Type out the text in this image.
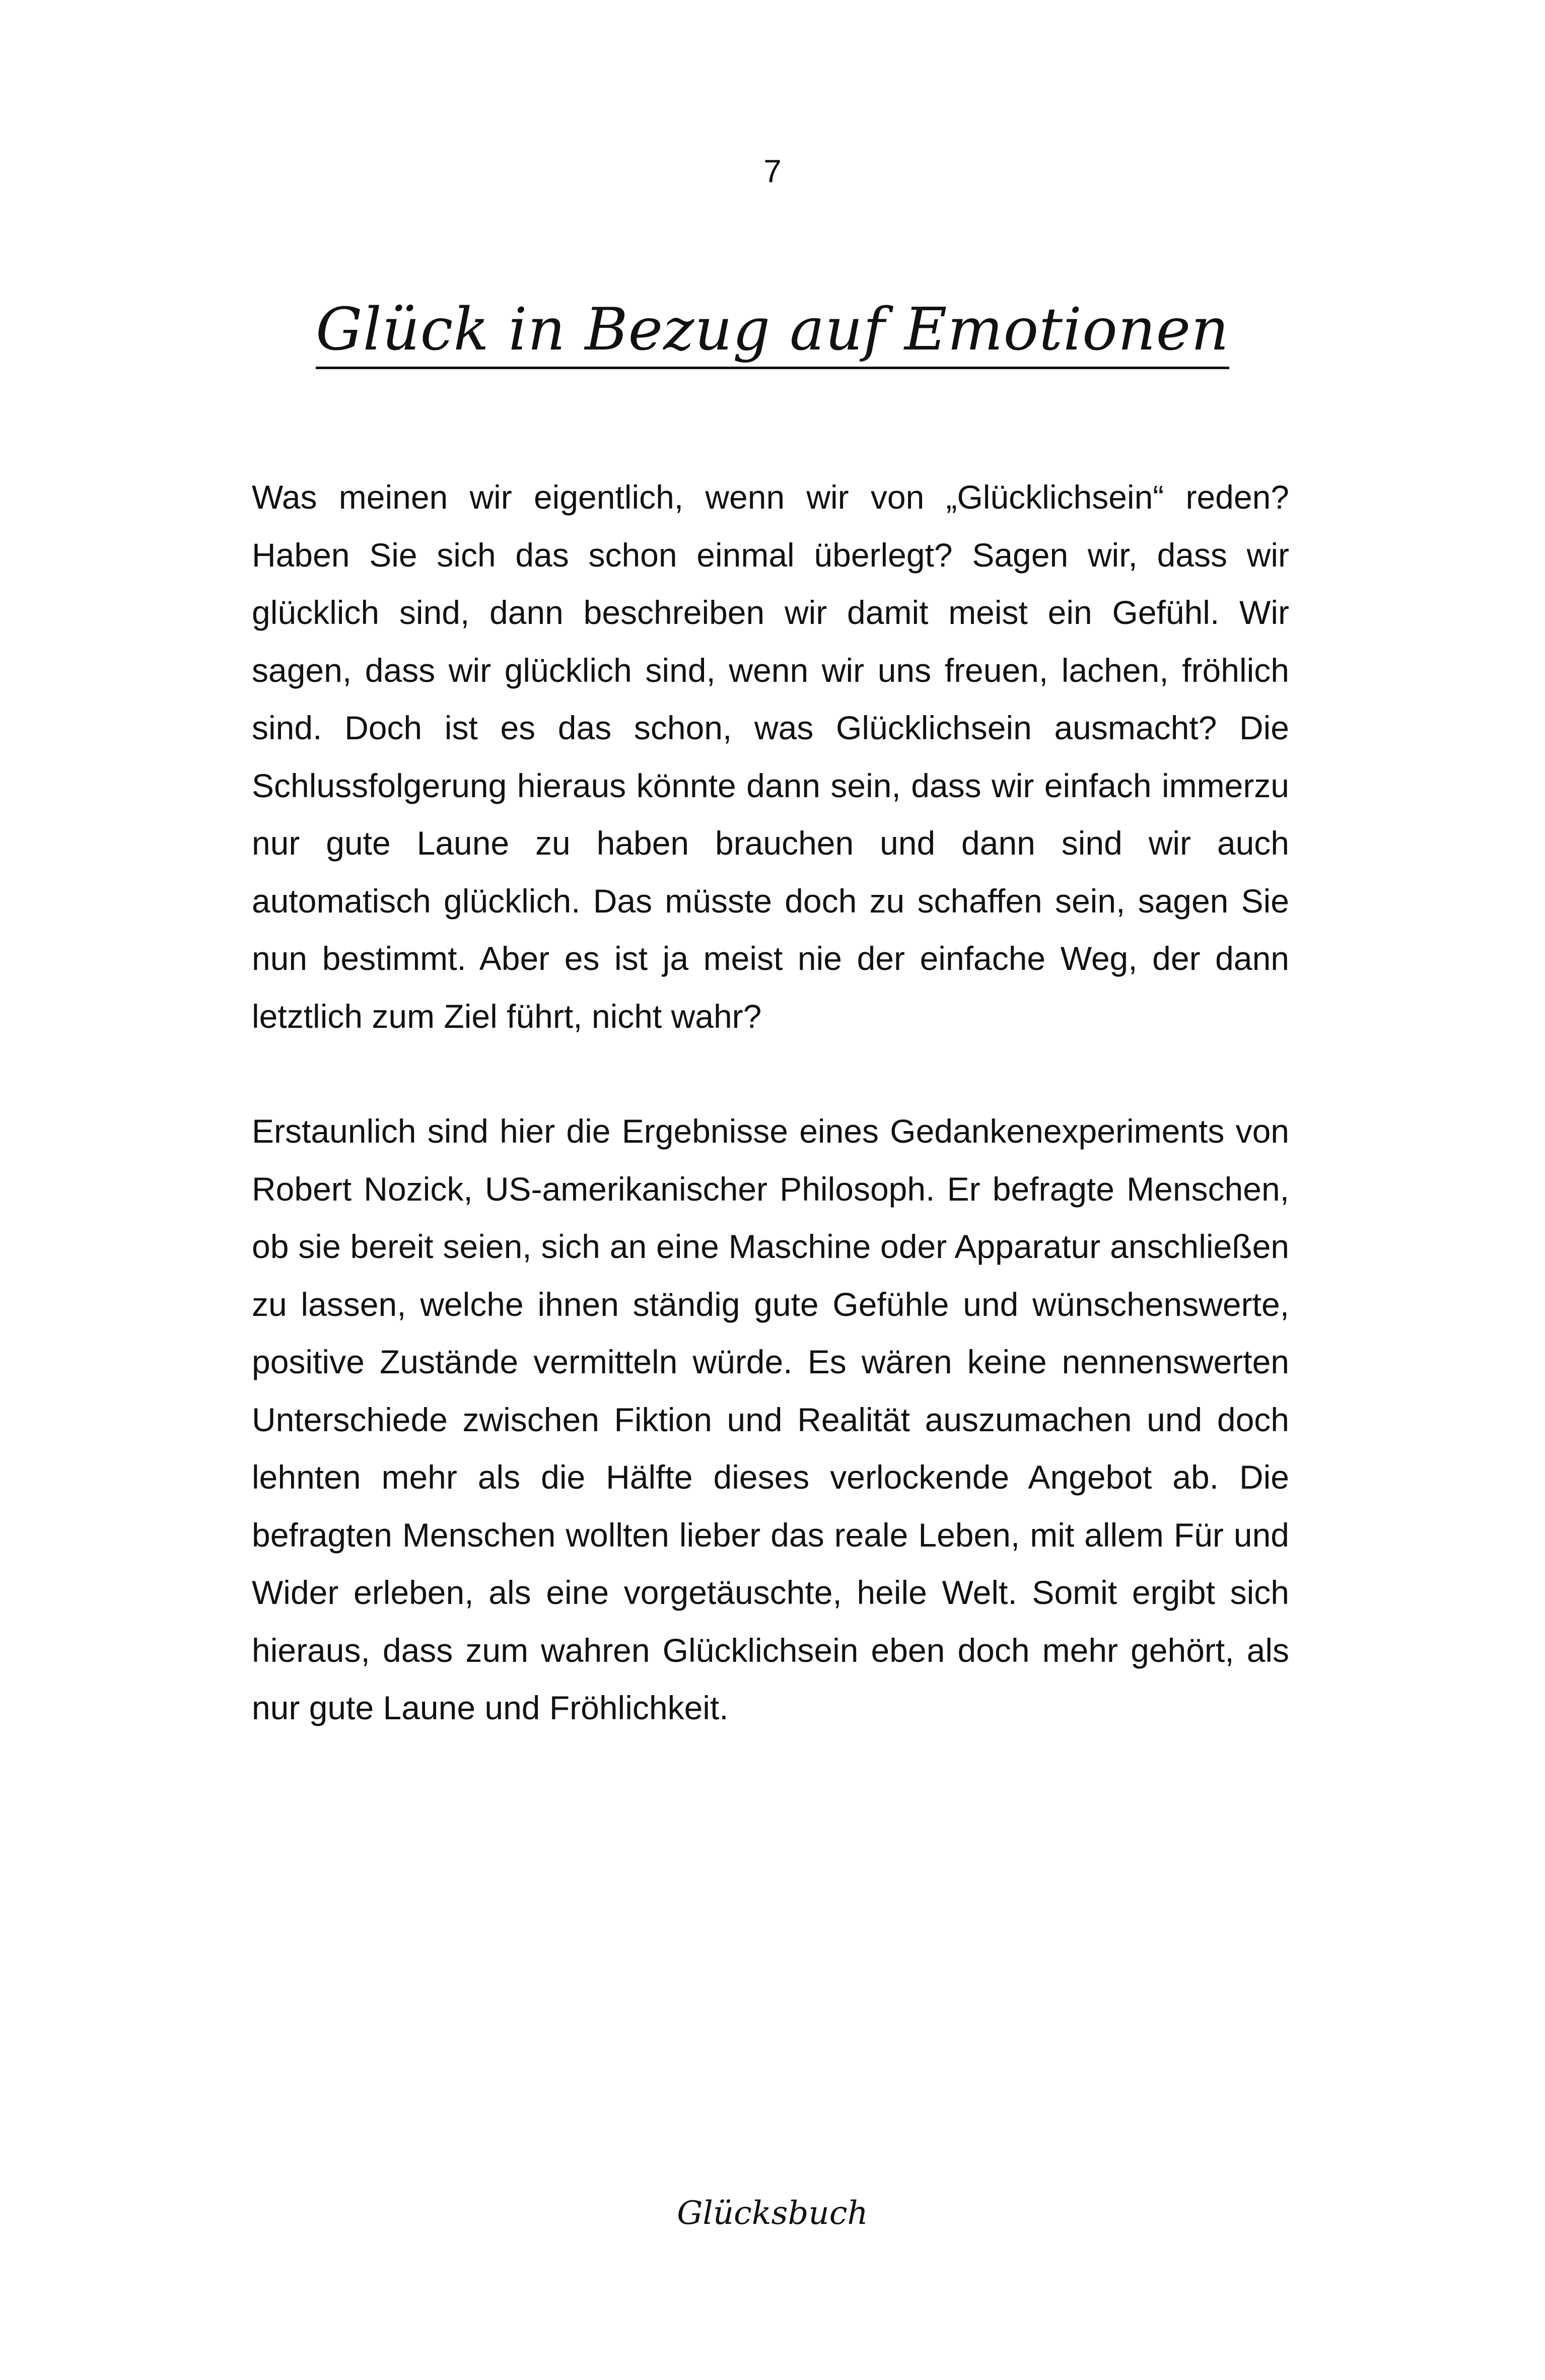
7
Glück in Bezug auf Emotionen

Was meinen wir eigentlich, wenn wir von „Glücklichsein“ reden? Haben Sie sich das schon einmal überlegt? Sagen wir, dass wir glücklich sind, dann beschreiben wir damit meist ein Gefühl. Wir sagen, dass wir glücklich sind, wenn wir uns freuen, lachen, fröhlich sind. Doch ist es das schon, was Glücklichsein ausmacht? Die Schlussfolgerung hieraus könnte dann sein, dass wir einfach immerzu nur gute Laune zu haben brauchen und dann sind wir auch automatisch glücklich. Das müsste doch zu schaffen sein, sagen Sie nun bestimmt. Aber es ist ja meist nie der einfache Weg, der dann letztlich zum Ziel führt, nicht wahr?

Erstaunlich sind hier die Ergebnisse eines Gedankenexperiments von Robert Nozick, US-amerikanischer Philosoph. Er befragte Menschen, ob sie bereit seien, sich an eine Maschine oder Apparatur anschließen zu lassen, welche ihnen ständig gute Gefühle und wünschenswerte, positive Zustände vermitteln würde. Es wären keine nennenswerten Unterschiede zwischen Fiktion und Realität auszumachen und doch lehnten mehr als die Hälfte dieses verlockende Angebot ab. Die befragten Menschen wollten lieber das reale Leben, mit allem Für und Wider erleben, als eine vorgetäuschte, heile Welt. Somit ergibt sich hieraus, dass zum wahren Glücklichsein eben doch mehr gehört, als nur gute Laune und Fröhlichkeit.

Glücksbuch
